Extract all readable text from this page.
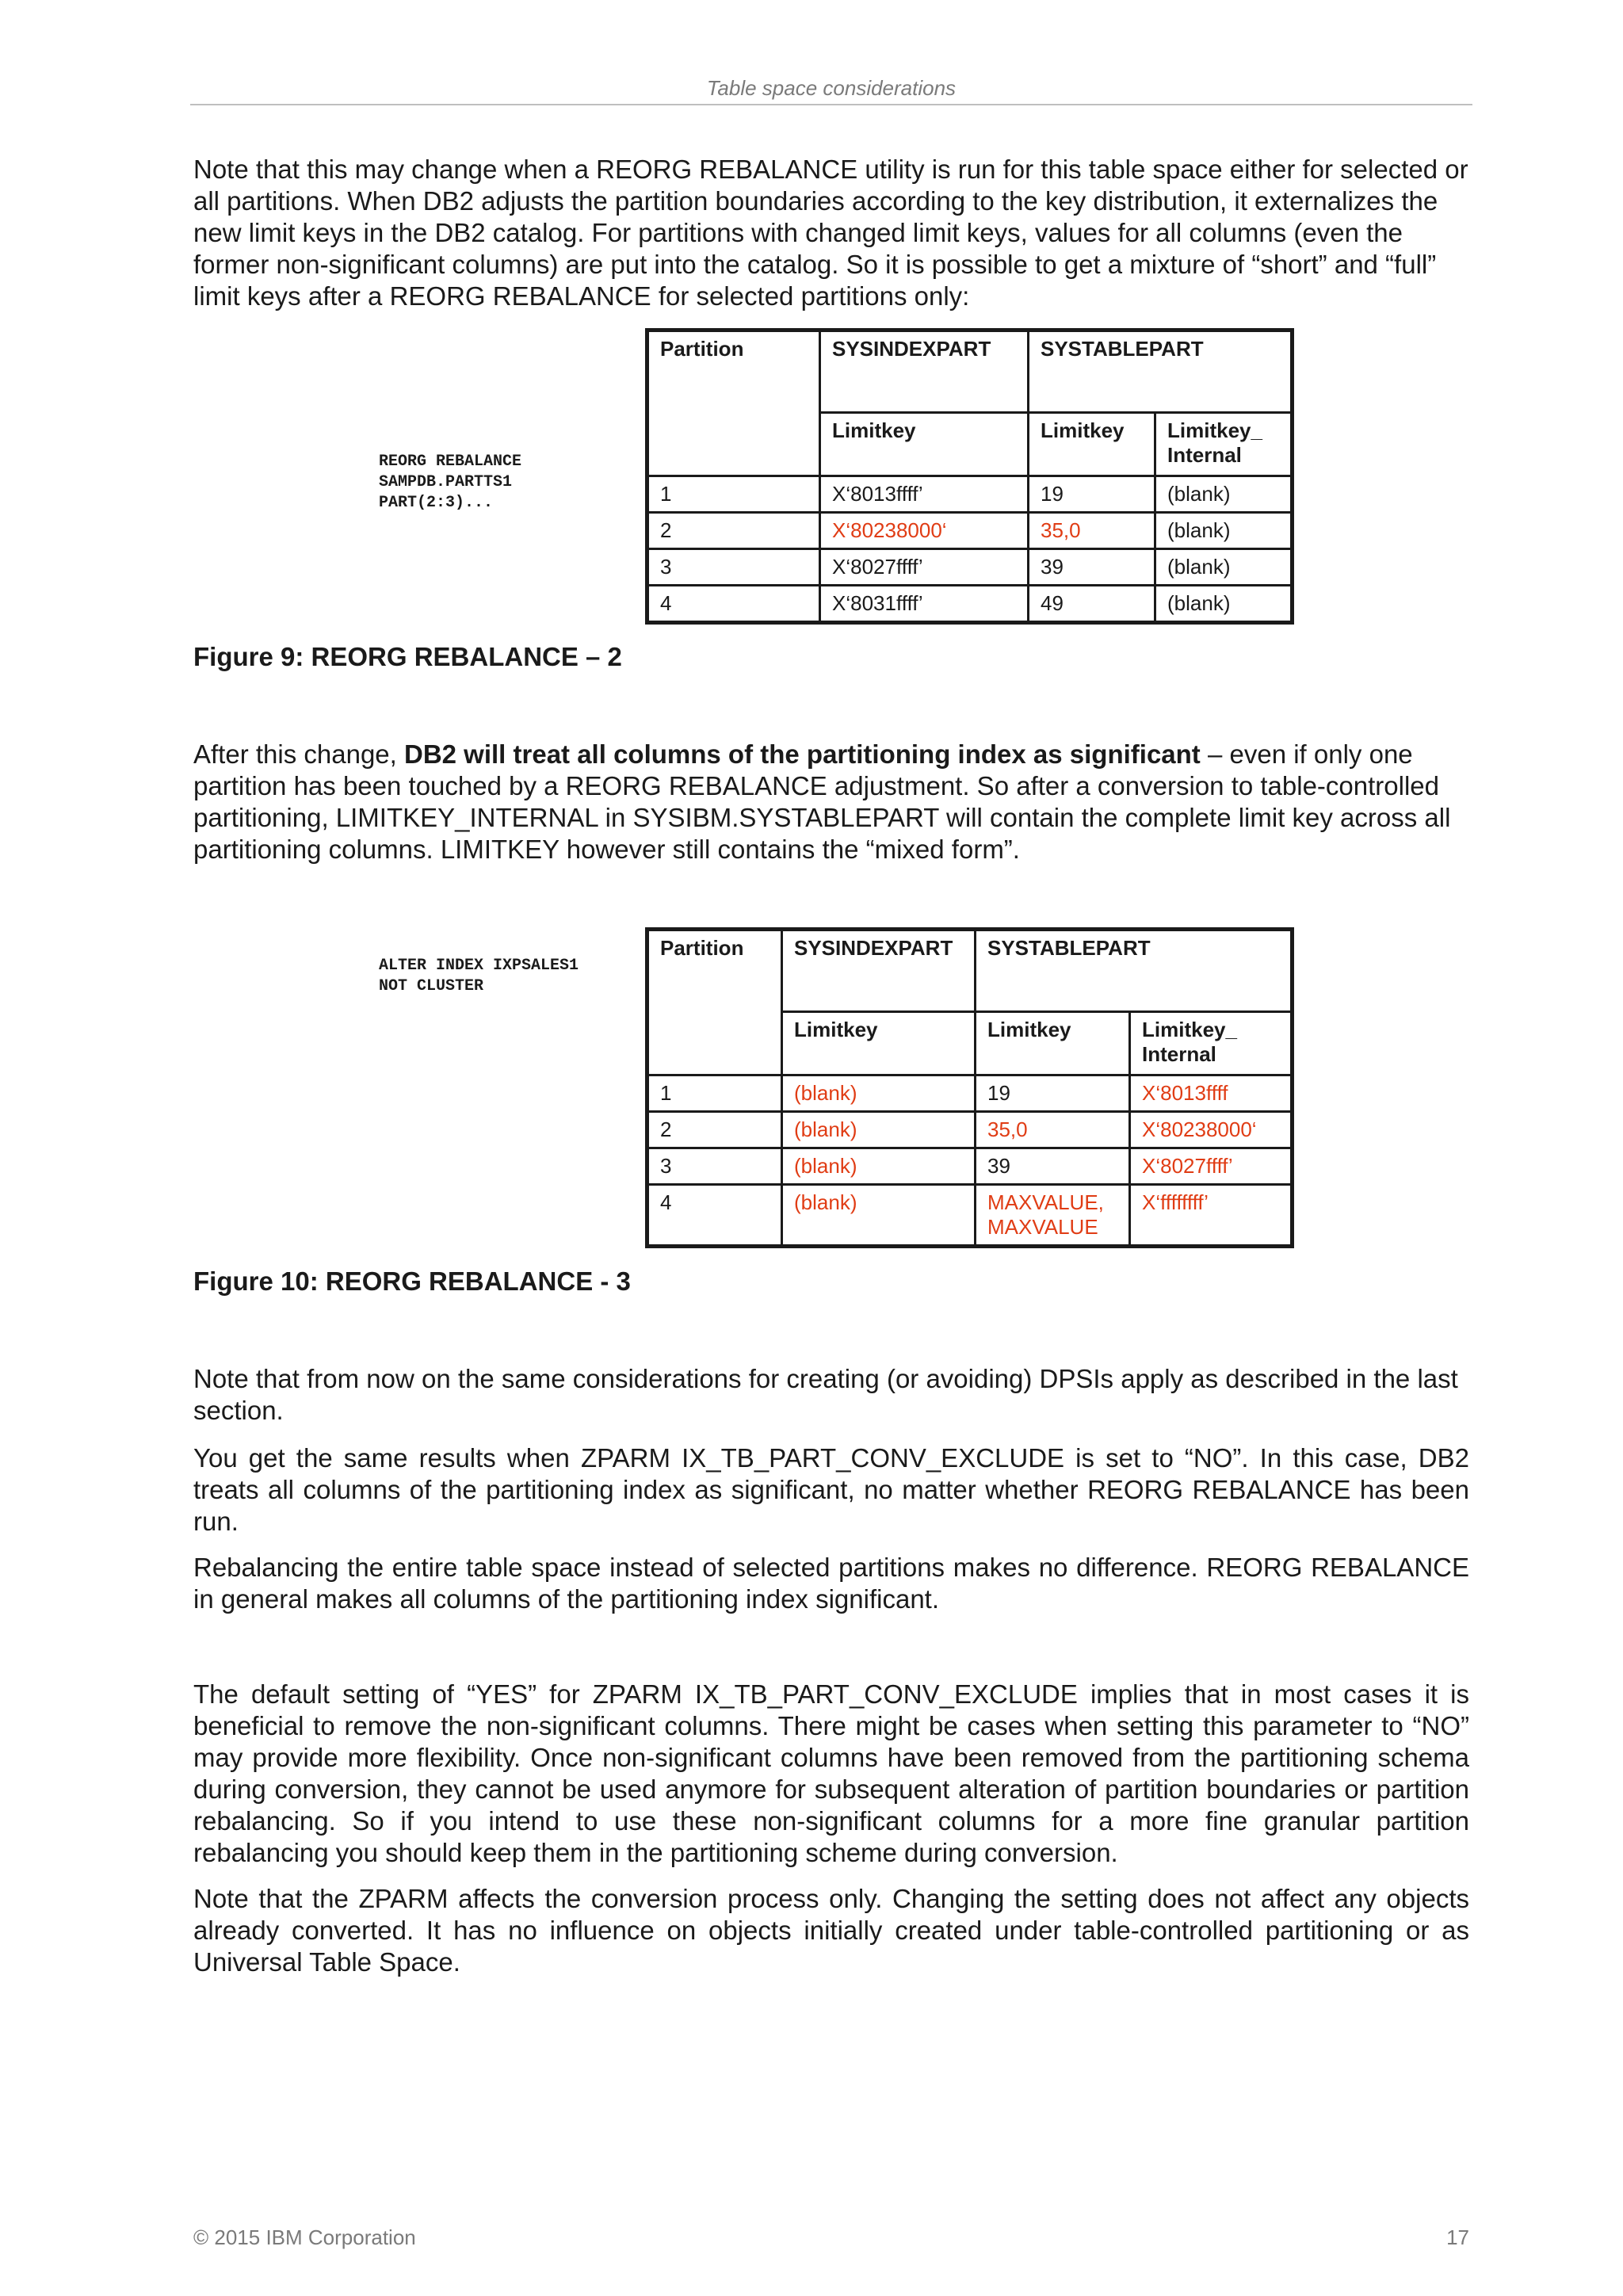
Table space considerations

Note that this may change when a REORG REBALANCE utility is run for this table space either for selected or all partitions. When DB2 adjusts the partition boundaries according to the key distribution, it externalizes the new limit keys in the DB2 catalog. For partitions with changed limit keys, values for all columns (even the former non-significant columns) are put into the catalog. So it is possible to get a mixture of “short” and “full” limit keys after a REORG REBALANCE for selected partitions only:

REORG REBALANCE
SAMPDB.PARTTS1
PART(2:3)...
Partition	SYSINDEXPART	SYSTABLEPART	
	Limitkey	Limitkey	Limitkey_ Internal
1	X‘8013ffff’	19	(blank)
2	X‘80238000‘	35,0	(blank)
3	X‘8027ffff’	39	(blank)
4	X‘8031ffff’	49	(blank)

Figure 9: REORG REBALANCE – 2

After this change, DB2 will treat all columns of the partitioning index as significant – even if only one partition has been touched by a REORG REBALANCE adjustment. So after a conversion to table-controlled partitioning, LIMITKEY_INTERNAL in SYSIBM.SYSTABLEPART will contain the complete limit key across all partitioning columns. LIMITKEY however still contains the “mixed form”.

ALTER INDEX IXPSALES1
NOT CLUSTER
Partition	SYSINDEXPART	SYSTABLEPART	
	Limitkey	Limitkey	Limitkey_ Internal
1	(blank)	19	X‘8013ffff
2	(blank)	35,0	X‘80238000‘
3	(blank)	39	X‘8027ffff’
4	(blank)	MAXVALUE, MAXVALUE	X‘ffffffff’

Figure 10: REORG REBALANCE - 3

Note that from now on the same considerations for creating (or avoiding) DPSIs apply as described in the last section.

You get the same results when ZPARM IX_TB_PART_CONV_EXCLUDE is set to “NO”. In this case, DB2 treats all columns of the partitioning index as significant, no matter whether REORG REBALANCE has been run.

Rebalancing the entire table space instead of selected partitions makes no difference. REORG REBALANCE in general makes all columns of the partitioning index significant.

The default setting of “YES” for ZPARM IX_TB_PART_CONV_EXCLUDE implies that in most cases it is beneficial to remove the non-significant columns. There might be cases when setting this parameter to “NO” may provide more flexibility. Once non-significant columns have been removed from the partitioning schema during conversion, they cannot be used anymore for subsequent alteration of partition boundaries or partition rebalancing. So if you intend to use these non-significant columns for a more fine granular partition rebalancing you should keep them in the partitioning scheme during conversion.

Note that the ZPARM affects the conversion process only. Changing the setting does not affect any objects already converted. It has no influence on objects initially created under table-controlled partitioning or as Universal Table Space.

© 2015 IBM Corporation	17
